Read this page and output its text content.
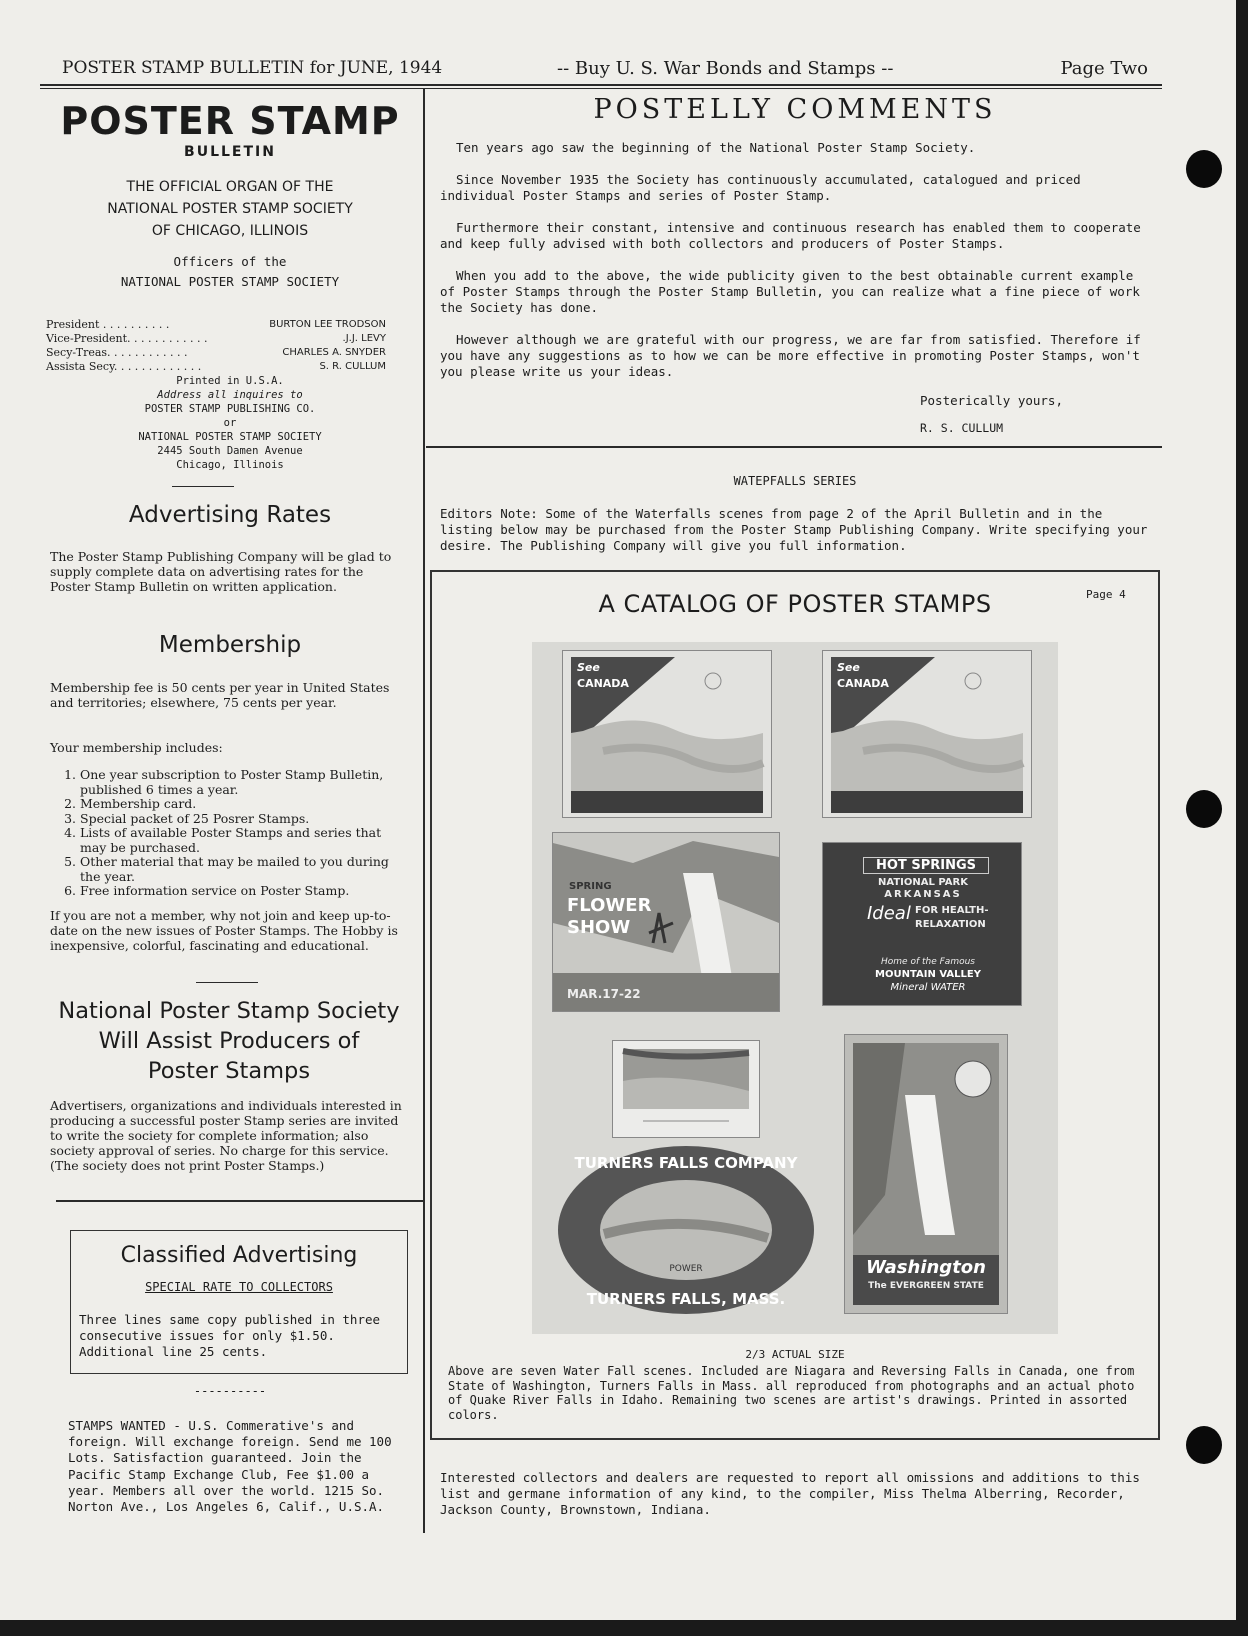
POSTER STAMP BULLETIN for JUNE, 1944	-- Buy U. S. War Bonds and Stamps --	Page Two
POSTER STAMP
BULLETIN
THE OFFICIAL ORGAN OF THE
NATIONAL POSTER STAMP SOCIETY
OF CHICAGO, ILLINOIS
Officers of the
NATIONAL POSTER STAMP SOCIETY
President . . . . . . . . . .	BURTON LEE TRODSON
Vice-President. . . . . . . . . . . .	.J.J. LEVY
Secy-Treas. . . . . . . . . . . .	CHARLES A. SNYDER
Assista Secy. . . . . . . . . . . . .	S. R. CULLUM
Printed in U.S.A.
Address all inquires to
POSTER STAMP PUBLISHING CO.
or
NATIONAL POSTER STAMP SOCIETY
2445 South Damen Avenue
Chicago, Illinois
Advertising Rates
The Poster Stamp Publishing Company will be glad to supply complete data on advertising rates for the Poster Stamp Bulletin on written application.
Membership
Membership fee is 50 cents per year in United States and territories; elsewhere, 75 cents per year.
Your membership includes:
1. One year subscription to Poster Stamp Bulletin, published 6 times a year.
2. Membership card.
3. Special packet of 25 Posrer Stamps.
4. Lists of available Poster Stamps and series that may be purchased.
5. Other material that may be mailed to you during the year.
6. Free information service on Poster Stamp.
If you are not a member, why not join and keep up-to-date on the new issues of Poster Stamps. The Hobby is inexpensive, colorful, fascinating and educational.
National Poster Stamp Society
Will Assist Producers of
Poster Stamps
Advertisers, organizations and individuals interested in producing a successful poster Stamp series are invited to write the society for complete information; also society approval of series. No charge for this service. (The society does not print Poster Stamps.)
Classified Advertising
SPECIAL RATE TO COLLECTORS
Three lines same copy published in three consecutive issues for only $1.50. Additional line 25 cents.
----------
STAMPS WANTED - U.S. Commerative's and foreign. Will exchange foreign. Send me 100 Lots. Satisfaction guaranteed. Join the Pacific Stamp Exchange Club, Fee $1.00 a year. Members all over the world. 1215 So. Norton Ave., Los Angeles 6, Calif., U.S.A.
POSTELLY COMMENTS

Ten years ago saw the beginning of the National Poster Stamp Society.

Since November 1935 the Society has continuously accumulated, catalogued and priced individual Poster Stamps and series of Poster Stamp.

Furthermore their constant, intensive and continuous research has enabled them to cooperate and keep fully advised with both collectors and producers of Poster Stamps.

When you add to the above, the wide publicity given to the best obtainable current example of Poster Stamps through the Poster Stamp Bulletin, you can realize what a fine piece of work the Society has done.

However although we are grateful with our progress, we are far from satisfied. Therefore if you have any suggestions as to how we can be more effective in promoting Poster Stamps, won't you please write us your ideas.

Posterically yours,
R. S. CULLUM
WATEPFALLS SERIES
Editors Note: Some of the Waterfalls scenes from page 2 of the April Bulletin and in the listing below may be purchased from the Poster Stamp Publishing Company. Write specifying your desire. The Publishing Company will give you full information.
A CATALOG OF POSTER STAMPS	Page 4
See
CANADA
See
CANADA
SPRING
FLOWER
SHOW
MAR.17-22
HOT SPRINGS
NATIONAL PARK
ARKANSAS
Ideal FOR HEALTH-
RELAXATION
Home of the Famous
MOUNTAIN VALLEY
Mineral WATER
TURNERS FALLS COMPANY
POWER
TURNERS FALLS, MASS.
Washington
The EVERGREEN STATE
2/3 ACTUAL SIZE
Above are seven Water Fall scenes. Included are Niagara and Reversing Falls in Canada, one from State of Washington, Turners Falls in Mass. all reproduced from photographs and an actual photo of Quake River Falls in Idaho. Remaining two scenes are artist's drawings. Printed in assorted colors.
Interested collectors and dealers are requested to report all omissions and additions to this list and germane information of any kind, to the compiler, Miss Thelma Alberring, Recorder, Jackson County, Brownstown, Indiana.
